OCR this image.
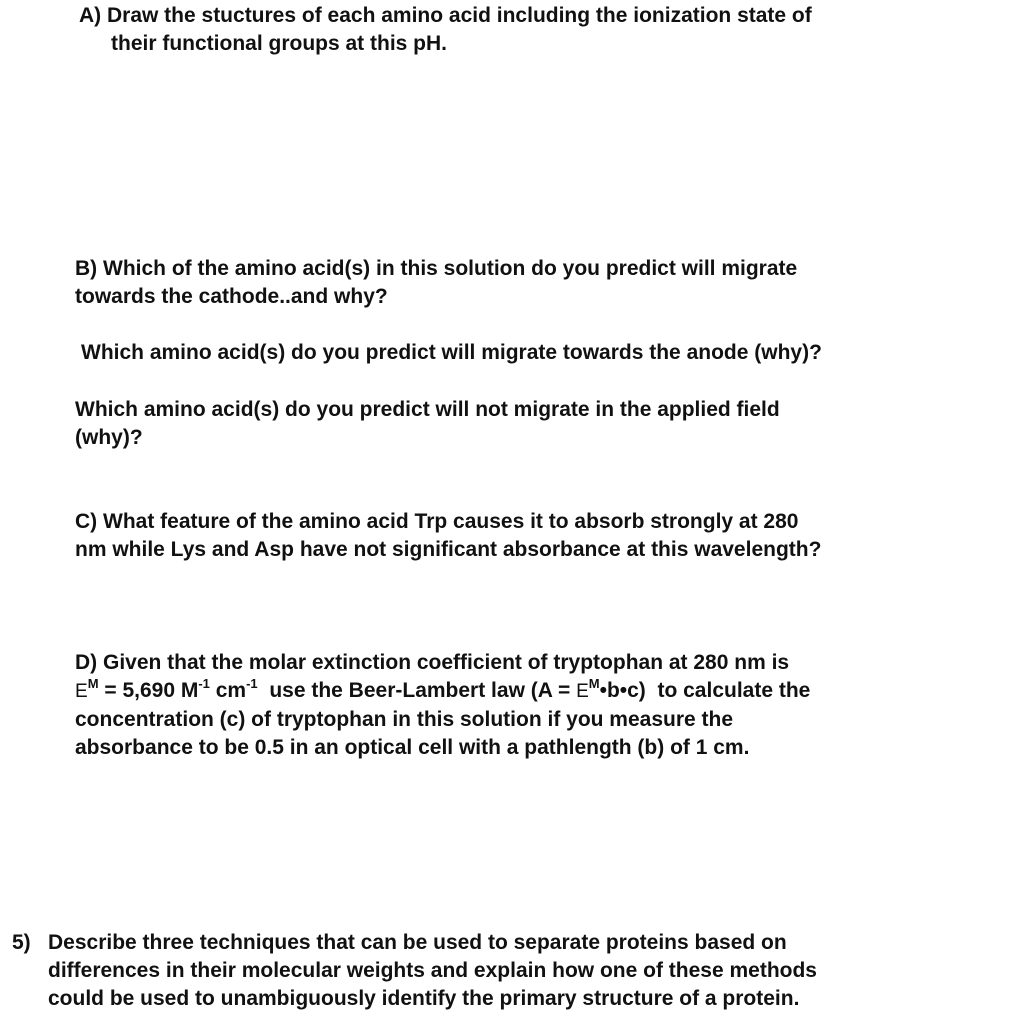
A) Draw the stuctures of each amino acid including the ionization state of
their functional groups at this pH.
B) Which of the amino acid(s) in this solution do you predict will migrate
towards the cathode..and why?
Which amino acid(s) do you predict will migrate towards the anode (why)?
Which amino acid(s) do you predict will not migrate in the applied field
(why)?
C) What feature of the amino acid Trp causes it to absorb strongly at 280
nm while Lys and Asp have not significant absorbance at this wavelength?
D) Given that the molar extinction coefficient of tryptophan at 280 nm is
$E^M = 5,690$ $M^{-1}$ $cm^{-1}$  use the Beer-Lambert law $(A = E^M•b•c)$  to calculate the
concentration (c) of tryptophan in this solution if you measure the
absorbance to be 0.5 in an optical cell with a pathlength (b) of 1 cm.
5) Describe three techniques that can be used to separate proteins based on
differences in their molecular weights and explain how one of these methods
could be used to unambiguously identify the primary structure of a protein.
